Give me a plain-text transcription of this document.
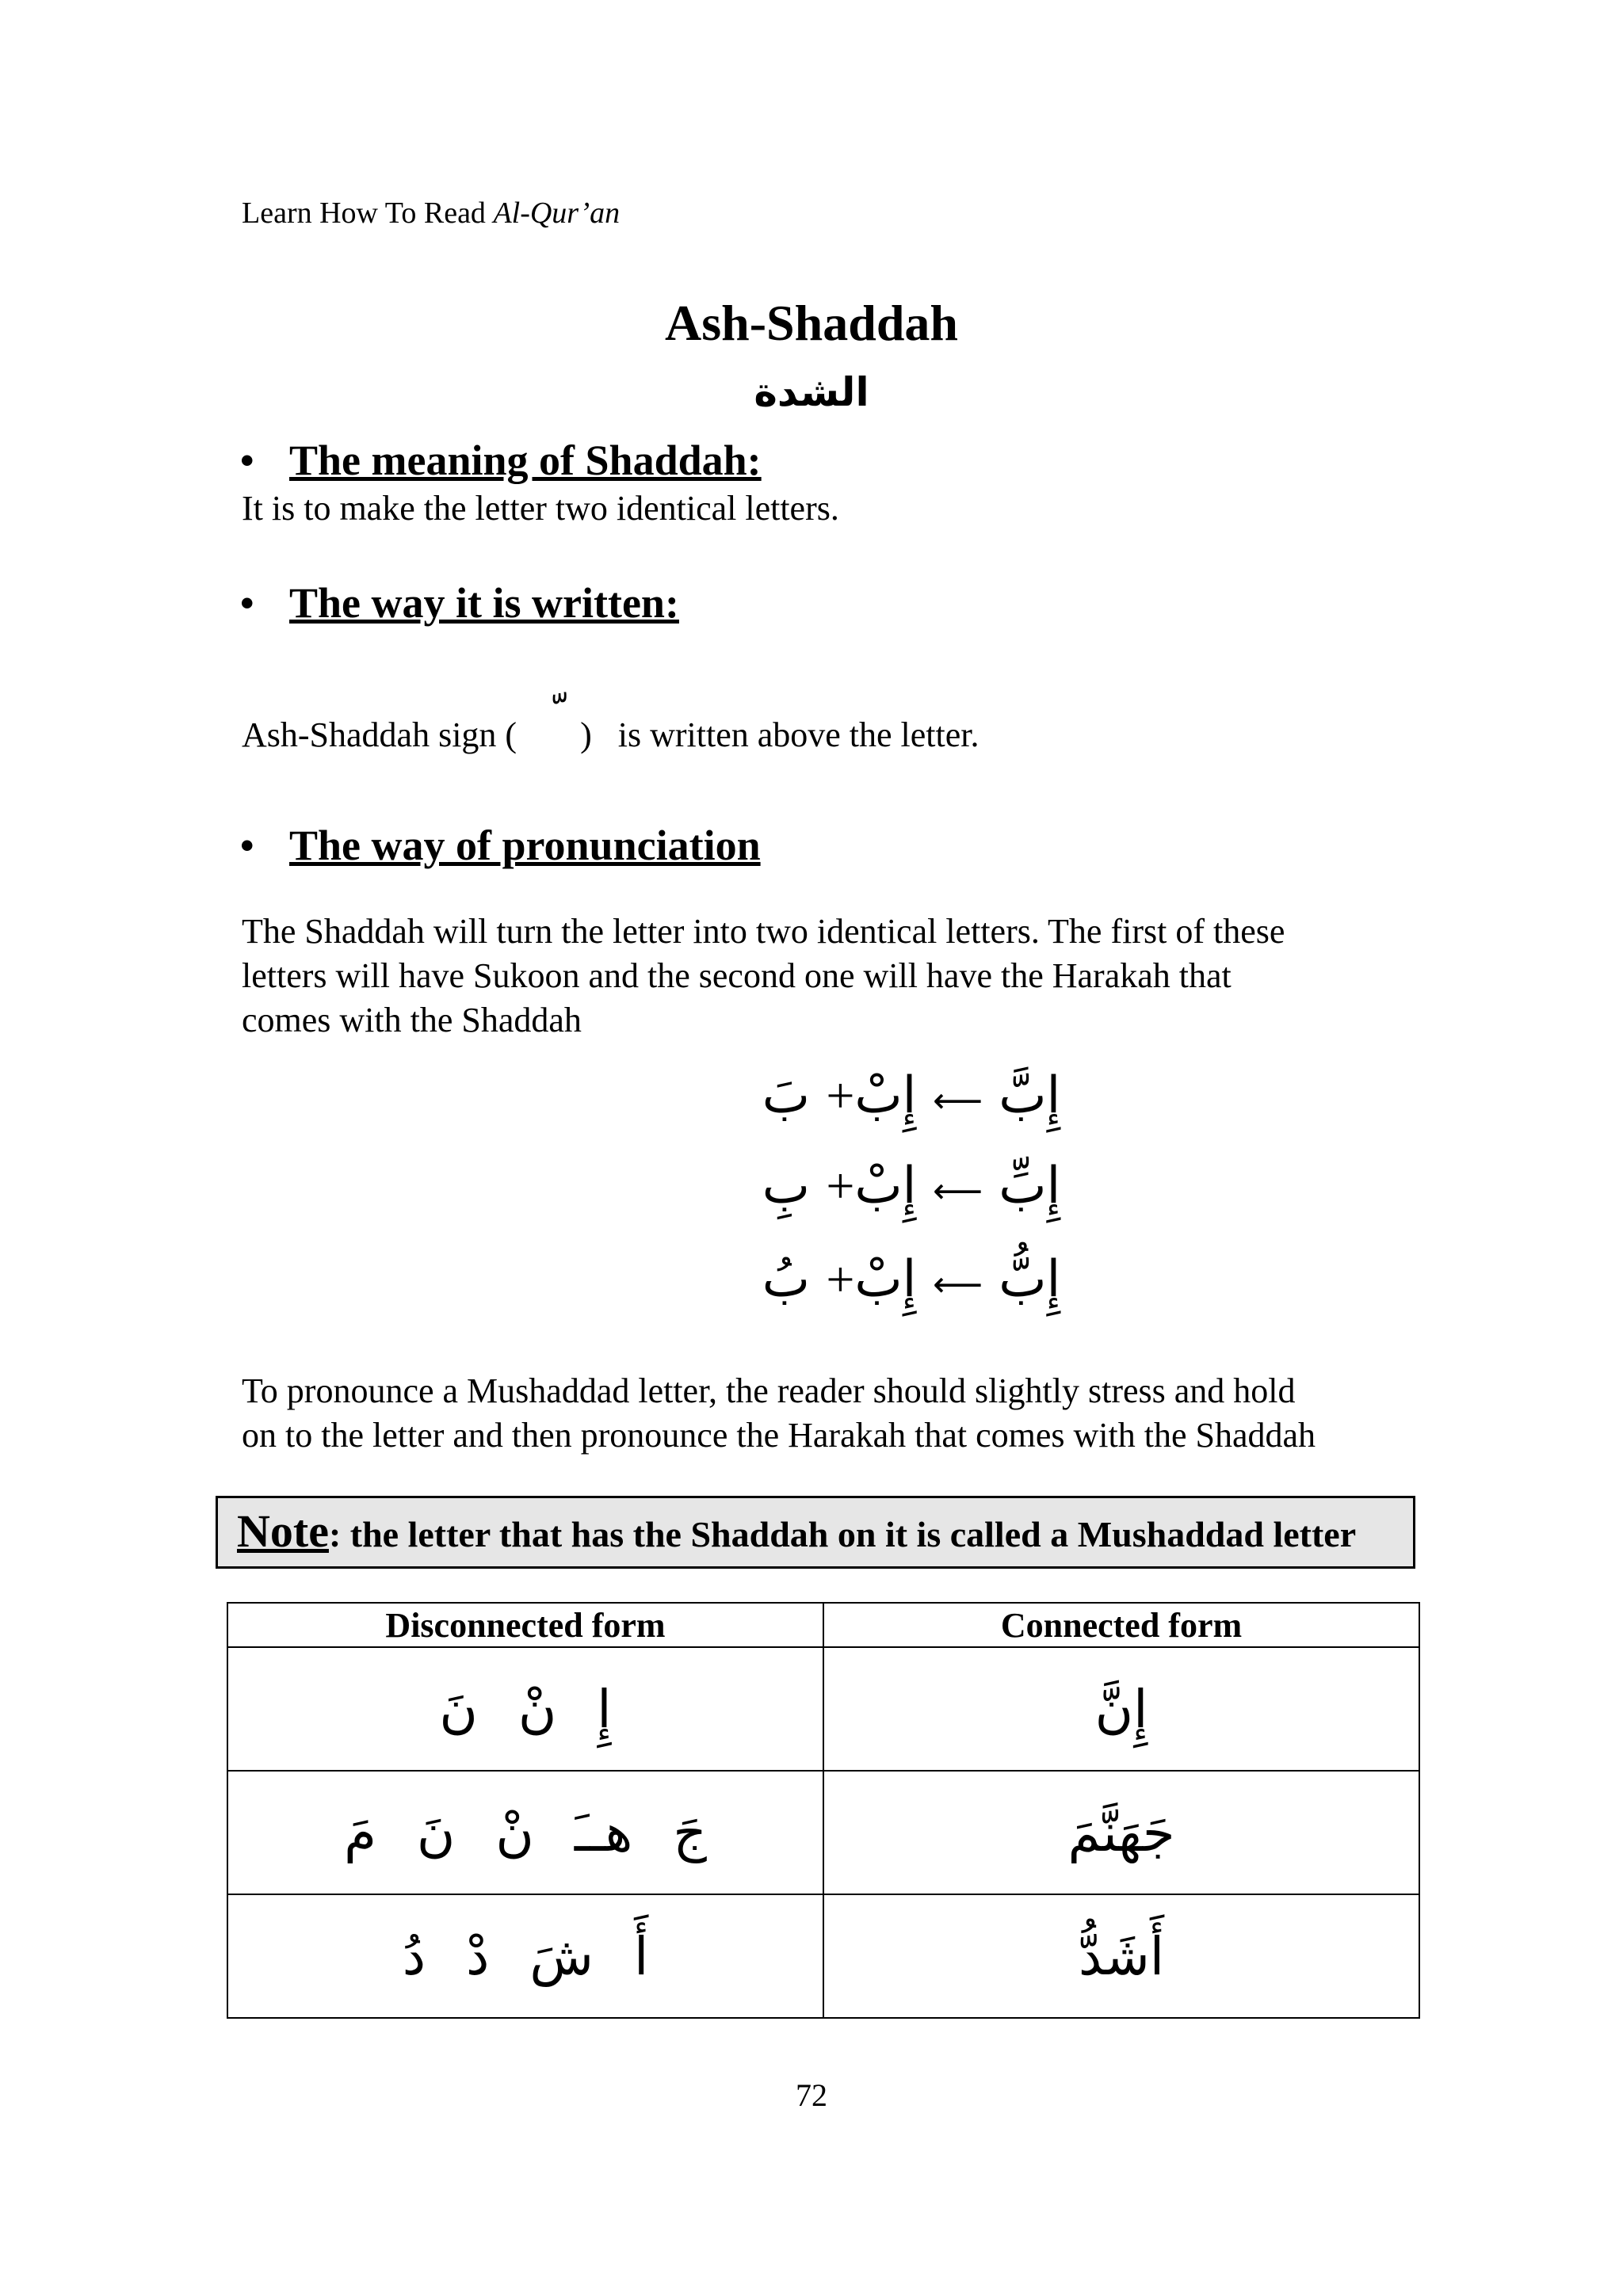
Learn How To Read Al-Qur’an
Ash-Shaddah
الشدة
• The meaning of Shaddah:
It is to make the letter two identical letters.
• The way it is written:
Ash-Shaddah sign ( )   is written above the letter.
• The way of pronunciation
The Shaddah will turn the letter into two identical letters. The first of these
letters will have Sukoon and the second one will have the Harakah that
comes with the Shaddah
إِبَّ ⟶ إِبْ+ بَ
إِبِّ ⟶ إِبْ+ بِ
إِبُّ ⟶ إِبْ+ بُ
To pronounce a Mushaddad letter, the reader should slightly stress and hold
on to the letter and then pronounce the Harakah that comes with the Shaddah
Note: the letter that has the Shaddah on it is called a Mushaddad letter
Disconnected form	Connected form
إِ نْ نَ	إِنَّ
جَ هــَ نْ نَ مَ	جَهَنَّمَ
أَ شَ دْ دُ	أَشَدُّ
72
